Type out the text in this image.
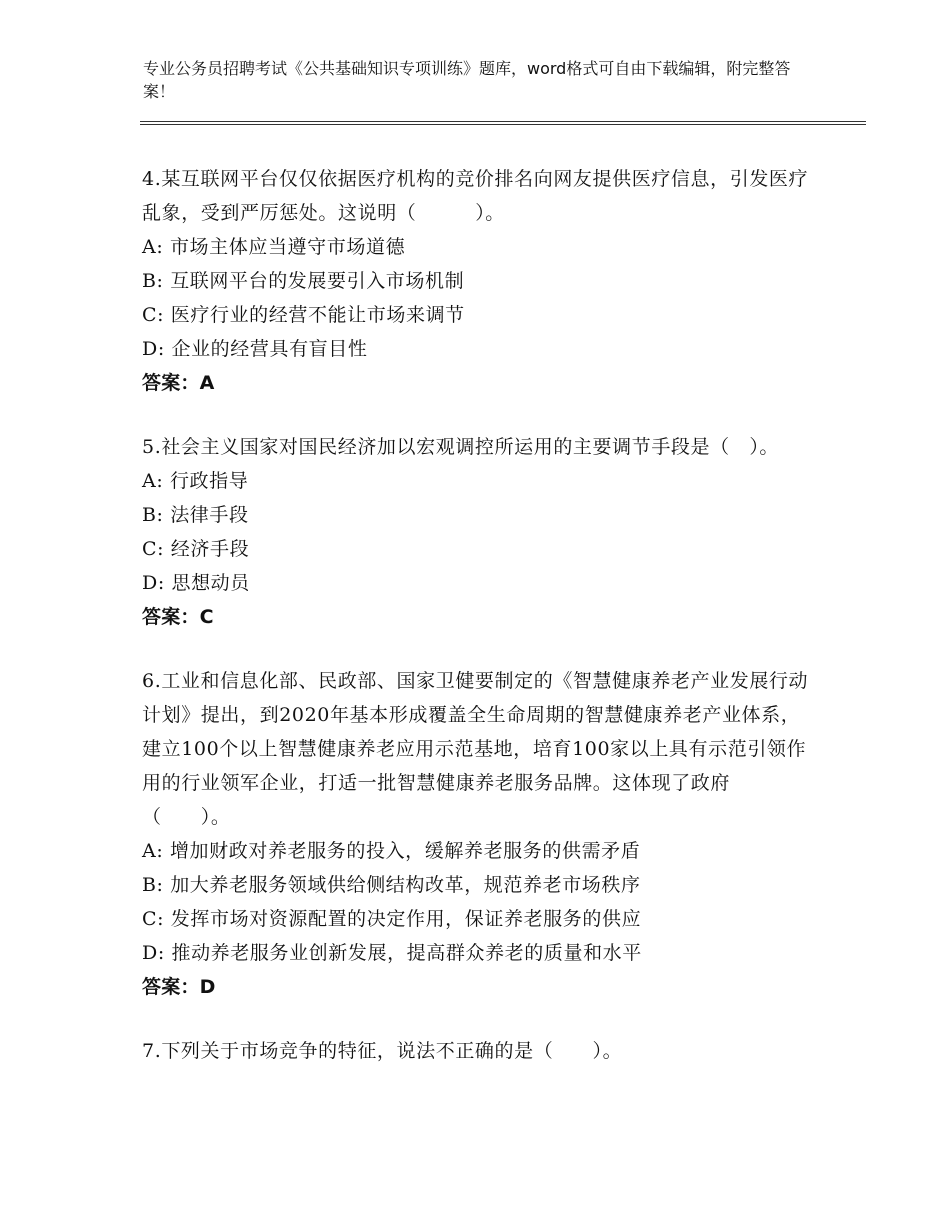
专业公务员招聘考试《公共基础知识专项训练》题库，word格式可自由下载编辑，附完整答案！

4.某互联网平台仅仅依据医疗机构的竞价排名向网友提供医疗信息，引发医疗乱象，受到严厉惩处。这说明（　　　）。

A: 市场主体应当遵守市场道德

B: 互联网平台的发展要引入市场机制

C: 医疗行业的经营不能让市场来调节

D: 企业的经营具有盲目性

答案：A

5.社会主义国家对国民经济加以宏观调控所运用的主要调节手段是（　）。

A: 行政指导

B: 法律手段

C: 经济手段

D: 思想动员

答案：C

6.工业和信息化部、民政部、国家卫健要制定的《智慧健康养老产业发展行动计划》提出，到2020年基本形成覆盖全生命周期的智慧健康养老产业体系，建立100个以上智慧健康养老应用示范基地，培育100家以上具有示范引领作用的行业领军企业，打适一批智慧健康养老服务品牌。这体现了政府（　　）。

A: 增加财政对养老服务的投入，缓解养老服务的供需矛盾

B: 加大养老服务领域供给侧结构改革，规范养老市场秩序

C: 发挥市场对资源配置的决定作用，保证养老服务的供应

D: 推动养老服务业创新发展，提高群众养老的质量和水平

答案：D

7.下列关于市场竞争的特征，说法不正确的是（　　）。
